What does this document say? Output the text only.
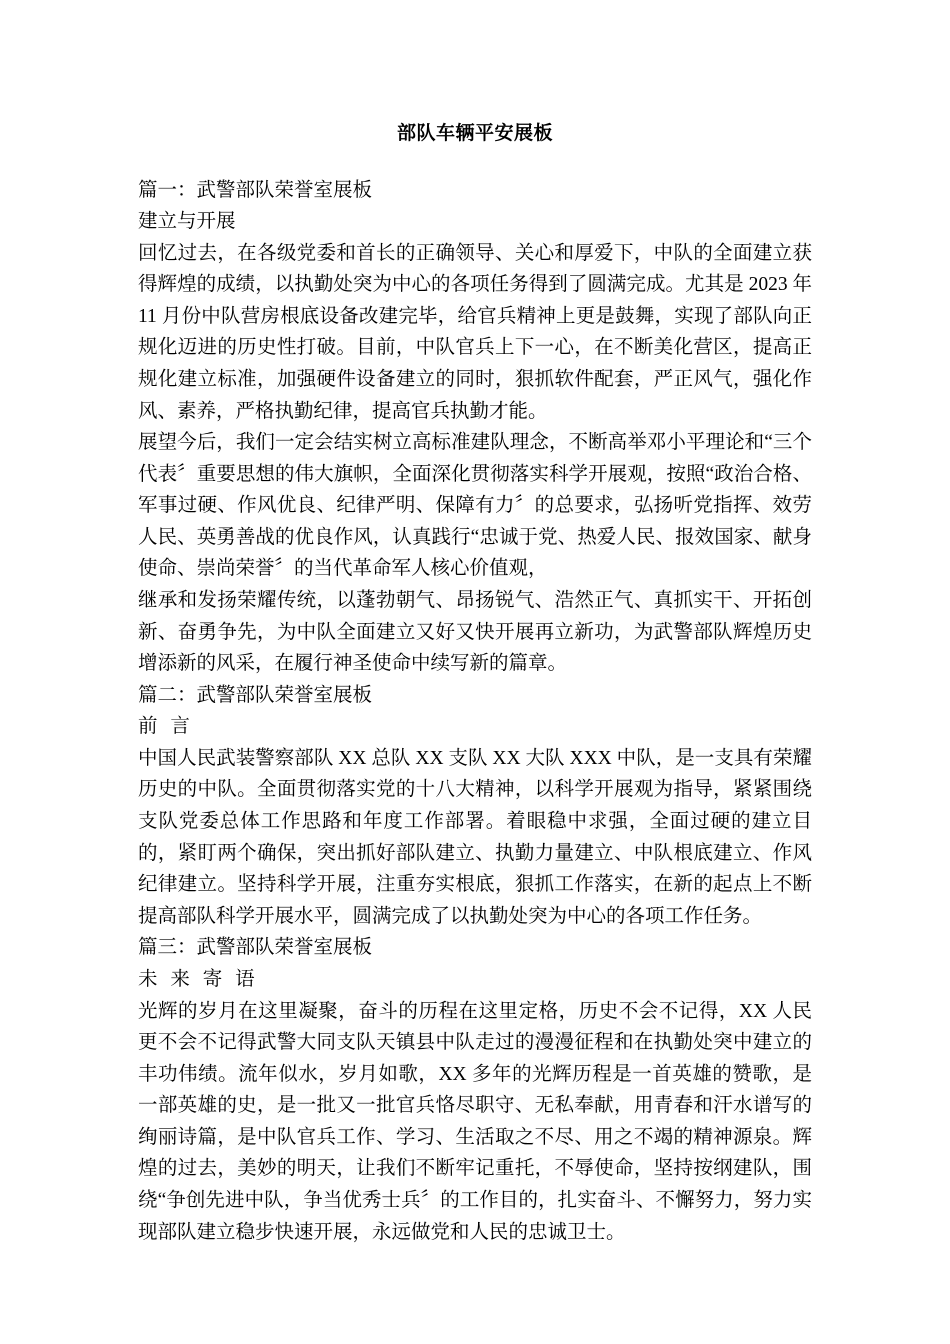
部队车辆平安展板

篇一：武警部队荣誉室展板

建立与开展

回忆过去，在各级党委和首长的正确领导、关心和厚爱下，中队的全面建立获得辉煌的成绩，以执勤处突为中心的各项任务得到了圆满完成。尤其是 2023 年 11 月份中队营房根底设备改建完毕，给官兵精神上更是鼓舞，实现了部队向正规化迈进的历史性打破。目前，中队官兵上下一心，在不断美化营区，提高正规化建立标准，加强硬件设备建立的同时，狠抓软件配套，严正风气，强化作风、素养，严格执勤纪律，提高官兵执勤才能。

展望今后，我们一定会结实树立高标准建队理念，不断高举邓小平理论和“三个代表〞重要思想的伟大旗帜，全面深化贯彻落实科学开展观，按照“政治合格、军事过硬、作风优良、纪律严明、保障有力〞的总要求，弘扬听党指挥、效劳人民、英勇善战的优良作风，认真践行“忠诚于党、热爱人民、报效国家、献身使命、崇尚荣誉〞的当代革命军人核心价值观，

继承和发扬荣耀传统，以蓬勃朝气、昂扬锐气、浩然正气、真抓实干、开拓创新、奋勇争先，为中队全面建立又好又快开展再立新功，为武警部队辉煌历史增添新的风采，在履行神圣使命中续写新的篇章。

篇二：武警部队荣誉室展板

前 言

中国人民武装警察部队 XX 总队 XX 支队 XX 大队 XXX 中队，是一支具有荣耀历史的中队。全面贯彻落实党的十八大精神，以科学开展观为指导，紧紧围绕支队党委总体工作思路和年度工作部署。着眼稳中求强，全面过硬的建立目的，紧盯两个确保，突出抓好部队建立、执勤力量建立、中队根底建立、作风纪律建立。坚持科学开展，注重夯实根底，狠抓工作落实，在新的起点上不断提高部队科学开展水平，圆满完成了以执勤处突为中心的各项工作任务。

篇三：武警部队荣誉室展板

未 来 寄 语

光辉的岁月在这里凝聚，奋斗的历程在这里定格，历史不会不记得，XX 人民更不会不记得武警大同支队天镇县中队走过的漫漫征程和在执勤处突中建立的丰功伟绩。流年似水，岁月如歌，XX 多年的光辉历程是一首英雄的赞歌，是一部英雄的史，是一批又一批官兵恪尽职守、无私奉献，用青春和汗水谱写的绚丽诗篇，是中队官兵工作、学习、生活取之不尽、用之不竭的精神源泉。辉煌的过去，美妙的明天，让我们不断牢记重托，不辱使命，坚持按纲建队，围绕“争创先进中队，争当优秀士兵〞的工作目的，扎实奋斗、不懈努力，努力实现部队建立稳步快速开展，永远做党和人民的忠诚卫士。
